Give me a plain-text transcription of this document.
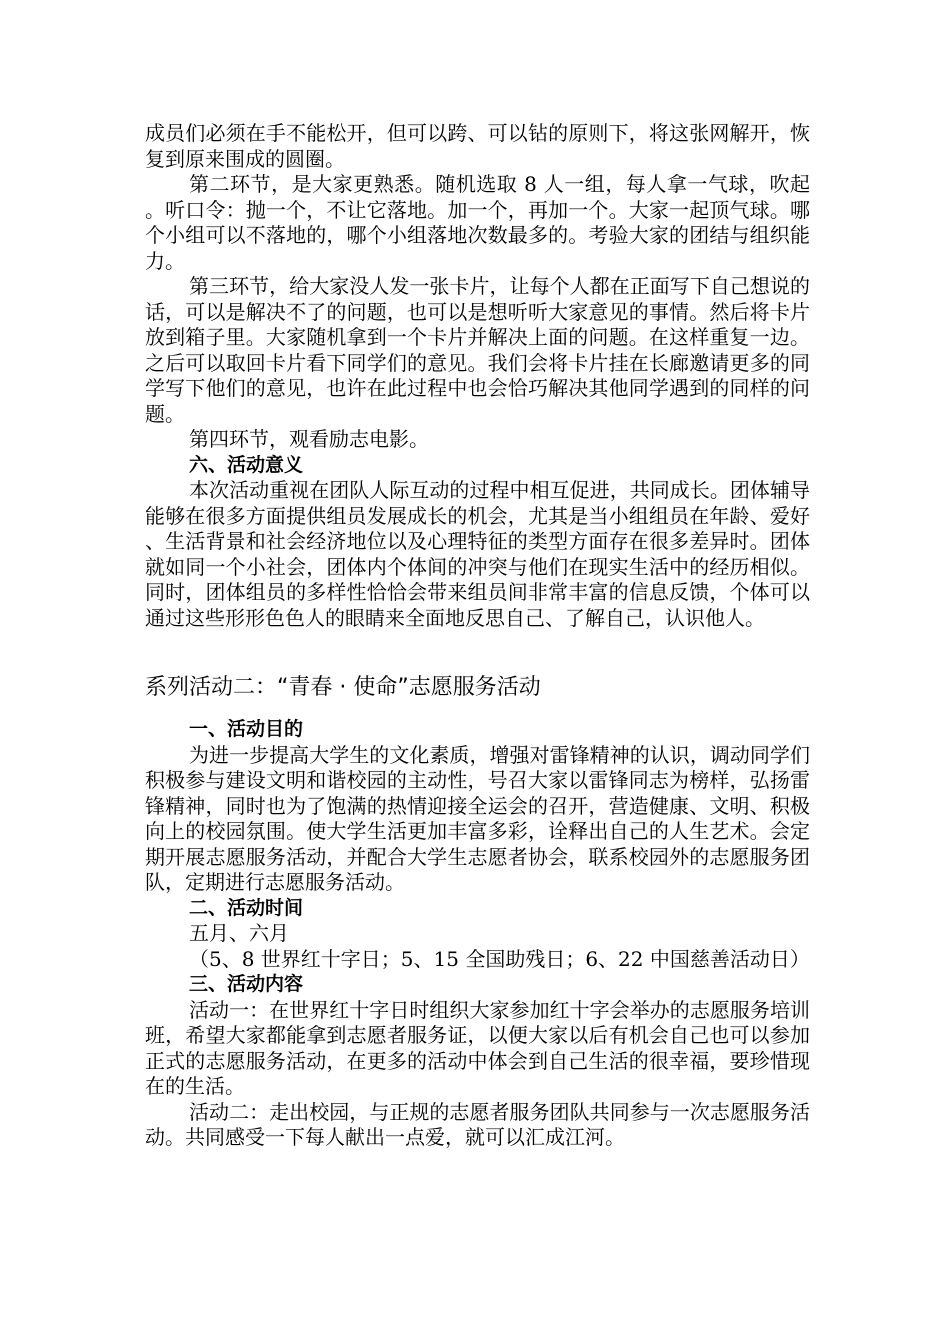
成员们必须在手不能松开，但可以跨、可以钻的原则下，将这张网解开，恢复到原来围成的圆圈。

第二环节，是大家更熟悉。随机选取 8 人一组，每人拿一气球，吹起。听口令：抛一个，不让它落地。加一个，再加一个。大家一起顶气球。哪个小组可以不落地的，哪个小组落地次数最多的。考验大家的团结与组织能力。

第三环节，给大家没人发一张卡片，让每个人都在正面写下自己想说的话，可以是解决不了的问题，也可以是想听听大家意见的事情。然后将卡片放到箱子里。大家随机拿到一个卡片并解决上面的问题。在这样重复一边。之后可以取回卡片看下同学们的意见。我们会将卡片挂在长廊邀请更多的同学写下他们的意见，也许在此过程中也会恰巧解决其他同学遇到的同样的问题。

第四环节，观看励志电影。

六、活动意义

本次活动重视在团队人际互动的过程中相互促进，共同成长。团体辅导能够在很多方面提供组员发展成长的机会，尤其是当小组组员在年龄、爱好、生活背景和社会经济地位以及心理特征的类型方面存在很多差异时。团体就如同一个小社会，团体内个体间的冲突与他们在现实生活中的经历相似。同时，团体组员的多样性恰恰会带来组员间非常丰富的信息反馈，个体可以通过这些形形色色人的眼睛来全面地反思自己、了解自己，认识他人。

系列活动二：“青春 · 使命”志愿服务活动
一、活动目的

为进一步提高大学生的文化素质，增强对雷锋精神的认识，调动同学们积极参与建设文明和谐校园的主动性，号召大家以雷锋同志为榜样，弘扬雷锋精神，同时也为了饱满的热情迎接全运会的召开，营造健康、文明、积极向上的校园氛围。使大学生活更加丰富多彩，诠释出自己的人生艺术。会定期开展志愿服务活动，并配合大学生志愿者协会，联系校园外的志愿服务团队，定期进行志愿服务活动。

二、活动时间

五月、六月

（5、8 世界红十字日；5、15 全国助残日；6、22 中国慈善活动日）

三、活动内容

活动一：在世界红十字日时组织大家参加红十字会举办的志愿服务培训班，希望大家都能拿到志愿者服务证，以便大家以后有机会自己也可以参加正式的志愿服务活动，在更多的活动中体会到自己生活的很幸福，要珍惜现在的生活。

活动二：走出校园，与正规的志愿者服务团队共同参与一次志愿服务活动。共同感受一下每人献出一点爱，就可以汇成江河。
